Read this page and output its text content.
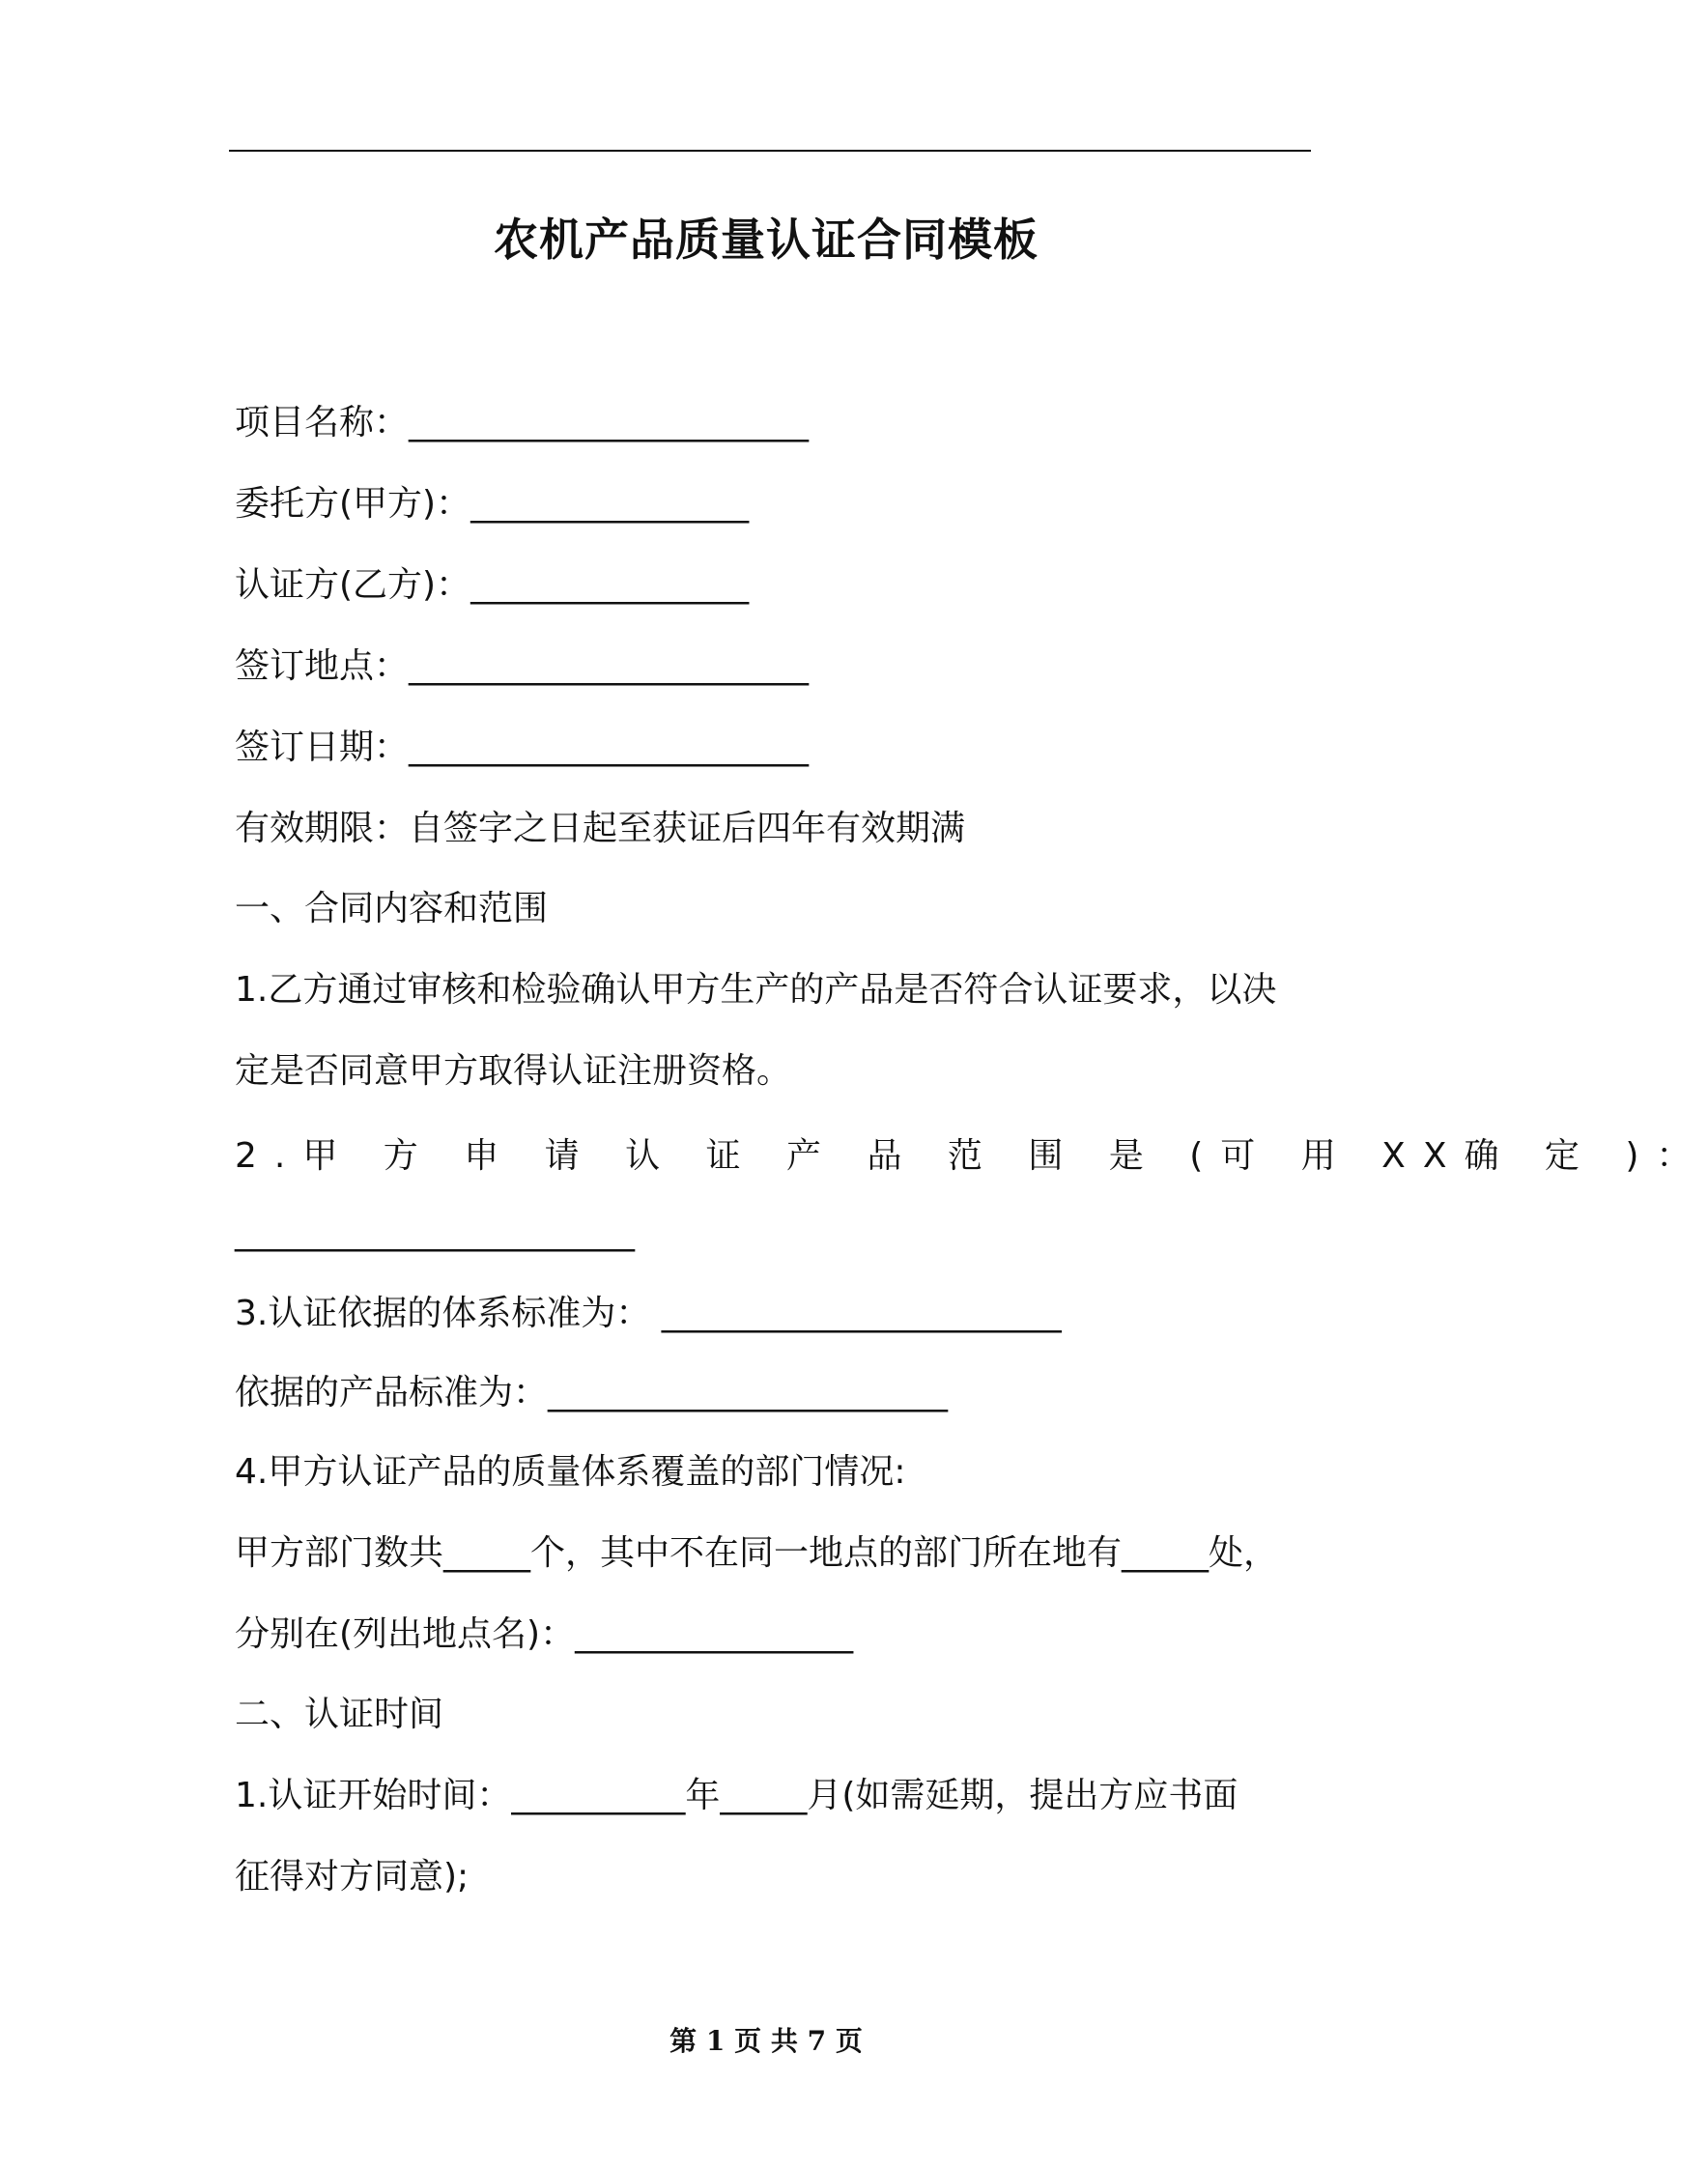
农机产品质量认证合同模板
项目名称：_______________________
委托方(甲方)：________________
认证方(乙方)：________________
签订地点：_______________________
签订日期：_______________________
有效期限：自签字之日起至获证后四年有效期满
一、合同内容和范围
1.乙方通过审核和检验确认甲方生产的产品是否符合认证要求，以决
定是否同意甲方取得认证注册资格。
2.甲 方 申 请 认 证 产 品 范 围 是 (可 用 XX确 定 )：
_______________________
3.认证依据的体系标准为： _______________________
依据的产品标准为：_______________________
4.甲方认证产品的质量体系覆盖的部门情况:
甲方部门数共_____个，其中不在同一地点的部门所在地有_____处，
分别在(列出地点名)：________________
二、认证时间
1.认证开始时间：__________年_____月(如需延期，提出方应书面
征得对方同意);
第 1 页 共 7 页
